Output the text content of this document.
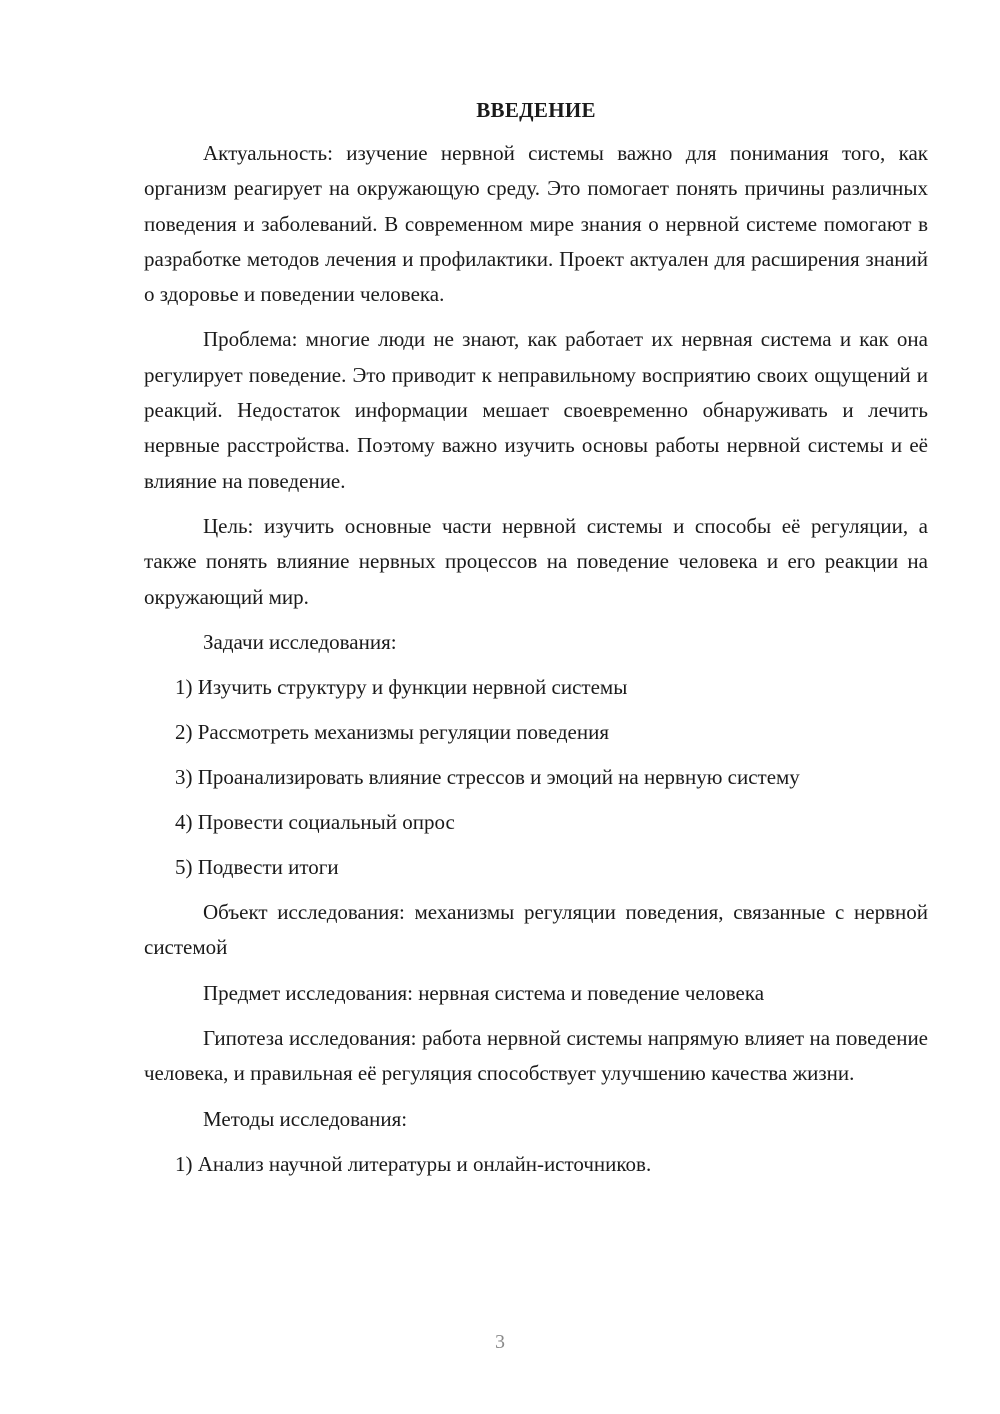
ВВЕДЕНИЕ

Актуальность: изучение нервной системы важно для понимания того, как организм реагирует на окружающую среду. Это помогает понять причины различных поведения и заболеваний. В современном мире знания о нервной системе помогают в разработке методов лечения и профилактики. Проект актуален для расширения знаний о здоровье и поведении человека.

Проблема: многие люди не знают, как работает их нервная система и как она регулирует поведение. Это приводит к неправильному восприятию своих ощущений и реакций. Недостаток информации мешает своевременно обнаруживать и лечить нервные расстройства. Поэтому важно изучить основы работы нервной системы и её влияние на поведение.

Цель: изучить основные части нервной системы и способы её регуляции, а также понять влияние нервных процессов на поведение человека и его реакции на окружающий мир.

Задачи исследования:

1) Изучить структуру и функции нервной системы
2) Рассмотреть механизмы регуляции поведения
3) Проанализировать влияние стрессов и эмоций на нервную систему
4) Провести социальный опрос
5) Подвести итоги

Объект исследования: механизмы регуляции поведения, связанные с нервной системой

Предмет исследования: нервная система и поведение человека

Гипотеза исследования: работа нервной системы напрямую влияет на поведение человека, и правильная её регуляция способствует улучшению качества жизни.

Методы исследования:

1) Анализ научной литературы и онлайн-источников.
3
